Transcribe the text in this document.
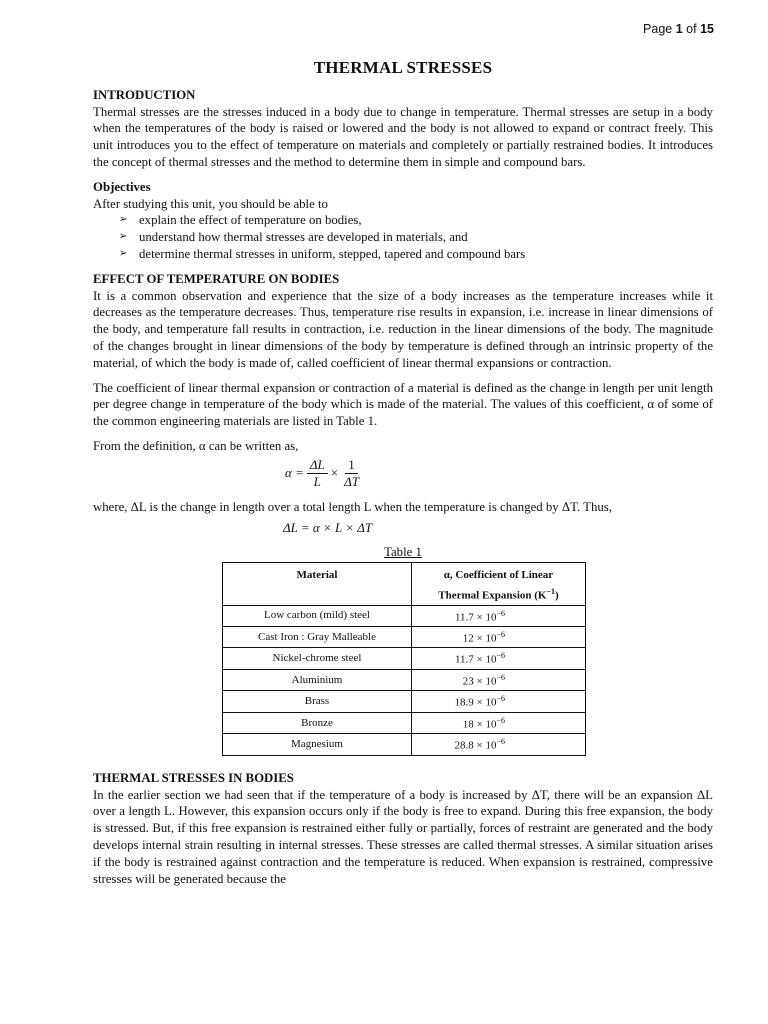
Page 1 of 15
THERMAL STRESSES
INTRODUCTION

Thermal stresses are the stresses induced in a body due to change in temperature. Thermal stresses are setup in a body when the temperatures of the body is raised or lowered and the body is not allowed to expand or contract freely. This unit introduces you to the effect of temperature on materials and completely or partially restrained bodies. It introduces the concept of thermal stresses and the method to determine them in simple and compound bars.

Objectives

After studying this unit, you should be able to

➢ explain the effect of temperature on bodies,
➢ understand how thermal stresses are developed in materials, and
➢ determine thermal stresses in uniform, stepped, tapered and compound bars
EFFECT OF TEMPERATURE ON BODIES

It is a common observation and experience that the size of a body increases as the temperature increases while it decreases as the temperature decreases. Thus, temperature rise results in expansion, i.e. increase in linear dimensions of the body, and temperature fall results in contraction, i.e. reduction in the linear dimensions of the body. The magnitude of the changes brought in linear dimensions of the body by temperature is defined through an intrinsic property of the material, of which the body is made of, called coefficient of linear thermal expansions or contraction.

The coefficient of linear thermal expansion or contraction of a material is defined as the change in length per unit length per degree change in temperature of the body which is made of the material. The values of this coefficient, α of some of the common engineering materials are listed in Table 1.

From the definition, α can be written as,

$\alpha = \frac{\Delta L}{L} \times \frac{1}{\Delta T}$

where, ΔL is the change in length over a total length L when the temperature is changed by ΔT. Thus,

ΔL = α × L × ΔT
Table 1
Material	α, Coefficient of Linear
Thermal Expansion $(K^{-1})$
Low carbon (mild) steel	$11.7 \times 10^{-6}$
Cast Iron : Gray Malleable	$12 \times 10^{-6}$
Nickel-chrome steel	$11.7 \times 10^{-6}$
Aluminium	$23 \times 10^{-6}$
Brass	$18.9 \times 10^{-6}$
Bronze	$18 \times 10^{-6}$
Magnesium	$28.8 \times 10^{-6}$
THERMAL STRESSES IN BODIES

In the earlier section we had seen that if the temperature of a body is increased by ΔT, there will be an expansion ΔL over a length L. However, this expansion occurs only if the body is free to expand. During this free expansion, the body is stressed. But, if this free expansion is restrained either fully or partially, forces of restraint are generated and the body develops internal strain resulting in internal stresses. These stresses are called thermal stresses. A similar situation arises if the body is restrained against contraction and the temperature is reduced. When expansion is restrained, compressive stresses will be generated because the
